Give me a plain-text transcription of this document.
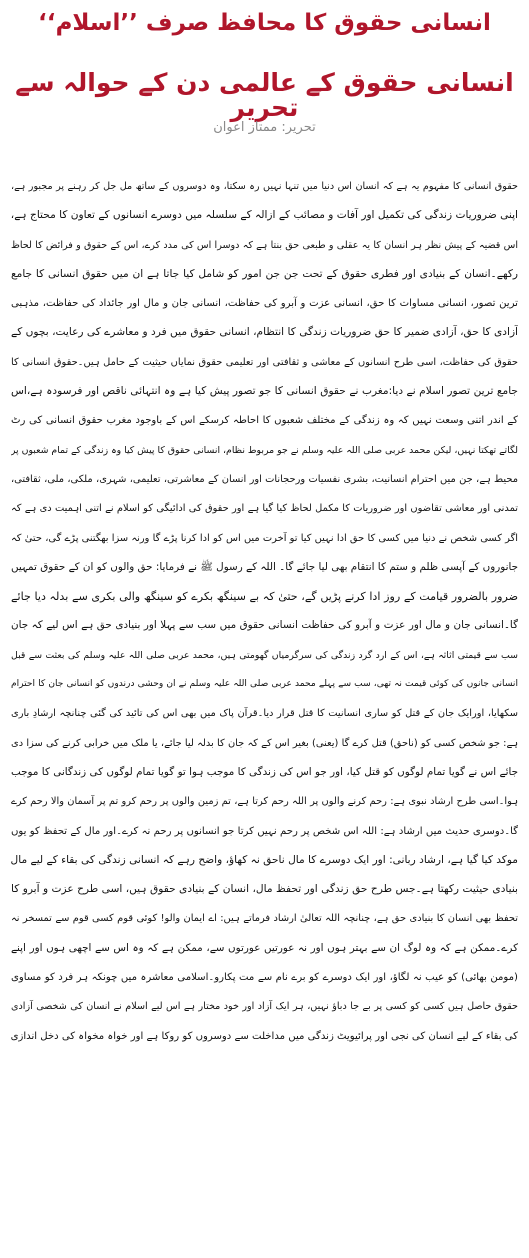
انسانی حقوق کا محافظ صرف ’’اسلام‘‘
انسانی حقوق کے عالمی دن کے حوالہ سے تحریر
تحریر: ممتاز اعوان
حقوق انسانی کا مفہوم یہ ہے کہ انسان اس دنیا میں تنہا نہیں رہ سکتا، وہ دوسروں کے ساتھ مل جل کر رہنے پر مجبور ہے،
اپنی ضروریات زندگی کی تکمیل اور آفات و مصائب کے ازالہ کے سلسلہ میں دوسرے انسانوں کے تعاون کا محتاج ہے،
اس قضیہ کے پیش نظر ہر انسان کا یہ عقلی و طبعی حق بنتا ہے کہ دوسرا اس کی مدد کرے، اس کے حقوق و فرائض کا لحاظ
رکھے۔انسان کے بنیادی اور فطری حقوق کے تحت جن جن امور کو شامل کیا جاتا ہے ان میں حقوق انسانی کا جامع
ترین تصور، انسانی مساوات کا حق، انسانی عزت و آبرو کی حفاظت، انسانی جان و مال اور جائداد کی حفاظت، مذہبی
آزادی کا حق، آزادی ضمیر کا حق ضروریات زندگی کا انتظام، انسانی حقوق میں فرد و معاشرے کی رعایت، بچوں کے
حقوق کی حفاظت، اسی طرح انسانوں کے معاشی و ثقافتی اور تعلیمی حقوق نمایاں حیثیت کے حامل ہیں۔حقوق انسانی کا
جامع ترین تصور اسلام نے دیا:مغرب نے حقوق انسانی کا جو تصور پیش کیا ہے وہ انتہائی ناقص اور فرسودہ ہے،اس
کے اندر اتنی وسعت نہیں کہ وہ زندگی کے مختلف شعبوں کا احاطہ کرسکے اس کے باوجود مغرب حقوق انسانی کی رٹ
لگاتے تھکتا نہیں، لیکن محمد عربی صلی اللہ علیہ وسلم نے جو مربوط نظام، انسانی حقوق کا پیش کیا وہ زندگی کے تمام شعبوں پر
محیط ہے، جن میں احترام انسانیت، بشری نفسیات ورحجانات اور انسان کے معاشرتی، تعلیمی، شہری، ملکی، ملی، ثقافتی،
تمدنی اور معاشی تقاضوں اور ضروریات کا مکمل لحاظ کیا گیا ہے اور حقوق کی ادائیگی کو اسلام نے اتنی اہمیت دی ہے کہ
اگر کسی شخص نے دنیا میں کسی کا حق ادا نہیں کیا تو آخرت میں اس کو ادا کرنا پڑے گا ورنہ سزا بھگتنی پڑے گی، حتیٰ کہ
جانوروں کے آپسی ظلم و ستم کا انتقام بھی لیا جائے گا۔ اللہ کے رسول ﷺ نے فرمایا: حق والوں کو ان کے حقوق تمہیں
ضرور بالضرور قیامت کے روز ادا کرنے پڑیں گے، حتیٰ کہ بے سینگھ بکرے کو سینگھ والی بکری سے بدلہ دیا جائے
گا۔انسانی جان و مال اور عزت و آبرو کی حفاظت انسانی حقوق میں سب سے پہلا اور بنیادی حق ہے اس لیے کہ جان
سب سے قیمتی اثاثہ ہے، اس کے ارد گرد زندگی کی سرگرمیاں گھومتی ہیں، محمد عربی صلی اللہ علیہ وسلم کی بعثت سے قبل
انسانی جانوں کی کوئی قیمت نہ تھی، سب سے پہلے محمد عربی صلی اللہ علیہ وسلم نے ان وحشی درندوں کو انسانی جان کا احترام
سکھایا، اورایک جان کے قتل کو ساری انسانیت کا قتل قرار دیا۔قرآن پاک میں بھی اس کی تائید کی گئی چنانچہ ارشادِ باری
ہے: جو شخص کسی کو (ناحق) قتل کرے گا (یعنی) بغیر اس کے کہ جان کا بدلہ لیا جائے، یا ملک میں خرابی کرنے کی سزا دی
جائے اس نے گویا تمام لوگوں کو قتل کیا، اور جو اس کی زندگی کا موجب ہوا تو گویا تمام لوگوں کی زندگانی کا موجب
ہوا۔اسی طرح ارشاد نبوی ہے: رحم کرنے والوں پر اللہ رحم کرتا ہے، تم زمین والوں پر رحم کرو تم پر آسمان والا رحم کرے
گا۔دوسری حدیث میں ارشاد ہے: اللہ اس شخص پر رحم نہیں کرتا جو انسانوں پر رحم نہ کرے۔اور مال کے تحفظ کو یوں
موکد کیا گیا ہے، ارشاد ربانی: اور ایک دوسرے کا مال ناحق نہ کھاؤ، واضح رہے کہ انسانی زندگی کی بقاء کے لیے مال
بنیادی حیثیت رکھتا ہے۔جس طرح حق زندگی اور تحفظ مال، انسان کے بنیادی حقوق ہیں، اسی طرح عزت و آبرو کا
تحفظ بھی انسان کا بنیادی حق ہے، چنانچہ اللہ تعالیٰ ارشاد فرماتے ہیں: اے ایمان والو! کوئی قوم کسی قوم سے تمسخر نہ
کرے۔ممکن ہے کہ وہ لوگ ان سے بہتر ہوں اور نہ عورتیں عورتوں سے، ممکن ہے کہ وہ اس سے اچھی ہوں اور اپنے
(مومن بھائی) کو عیب نہ لگاؤ، اور ایک دوسرے کو برے نام سے مت پکارو۔اسلامی معاشرہ میں چونکہ ہر فرد کو مساوی
حقوق حاصل ہیں کسی کو کسی پر بے جا دباؤ نہیں، ہر ایک آزاد اور خود مختار ہے اس لیے اسلام نے انسان کی شخصی آزادی
کی بقاء کے لیے انسان کی نجی اور پرائیویٹ زندگی میں مداخلت سے دوسروں کو روکا ہے اور خواہ مخواہ کی دخل اندازی
